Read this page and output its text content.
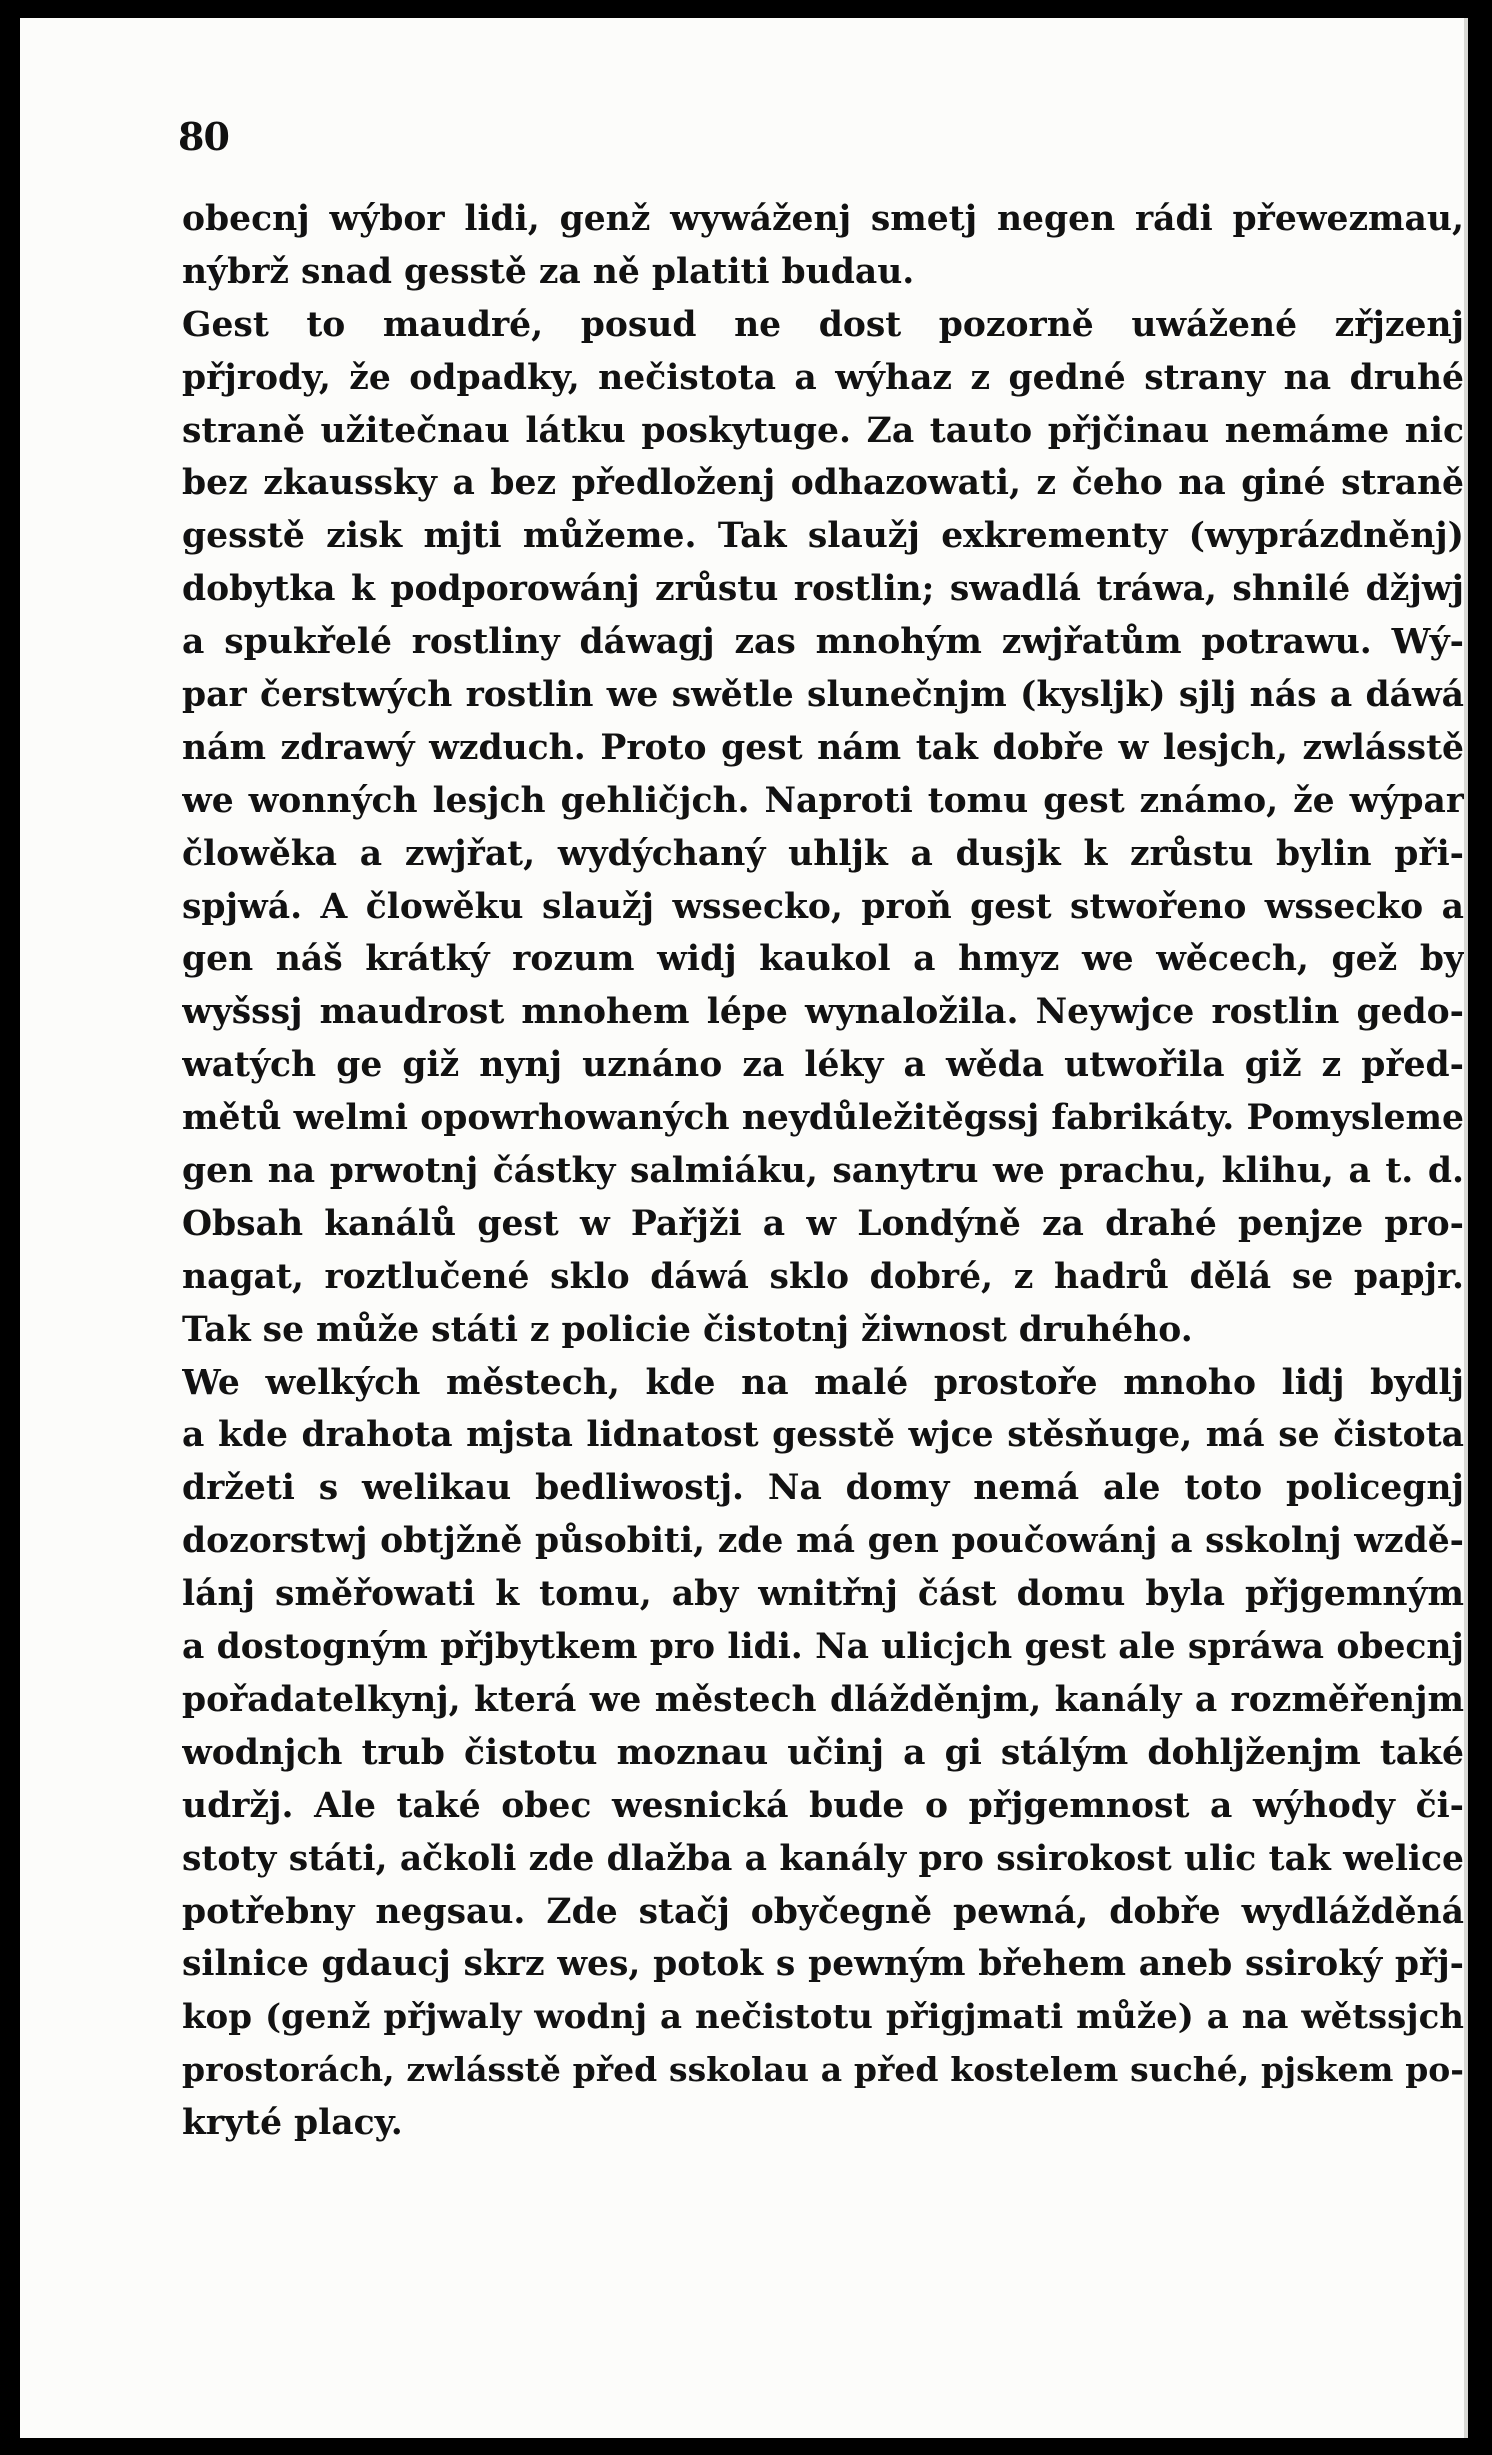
80
obecnj wýbor lidi, genž wywáženj smetj negen rádi přewezmau,
nýbrž snad gesstě za ně platiti budau.
Gest to maudré, posud ne dost pozorně uwážené zřjzenj
přjrody, že odpadky, nečistota a wýhaz z gedné strany na druhé
straně užitečnau látku poskytuge. Za tauto přjčinau nemáme nic
bez zkaussky a bez předloženj odhazowati, z čeho na giné straně
gesstě zisk mjti můžeme. Tak slaužj exkrementy (wyprázdněnj)
dobytka k podporowánj zrůstu rostlin; swadlá tráwa, shnilé džjwj
a spukřelé rostliny dáwagj zas mnohým zwjřatům potrawu. Wý-
par čerstwých rostlin we swětle slunečnjm (kysljk) sjlj nás a dáwá
nám zdrawý wzduch. Proto gest nám tak dobře w lesjch, zwlásstě
we wonných lesjch gehličjch. Naproti tomu gest známo, že wýpar
člowěka a zwjřat, wydýchaný uhljk a dusjk k zrůstu bylin při-
spjwá. A člowěku slaužj wssecko, proň gest stwořeno wssecko a
gen náš krátký rozum widj kaukol a hmyz we wěcech, gež by
wyšssj maudrost mnohem lépe wynaložila. Neywjce rostlin gedo-
watých ge giž nynj uznáno za léky a wěda utwořila giž z před-
mětů welmi opowrhowaných neydůležitěgssj fabrikáty. Pomysleme
gen na prwotnj částky salmiáku, sanytru we prachu, klihu, a t. d.
Obsah kanálů gest w Pařjži a w Londýně za drahé penjze pro-
nagat, roztlučené sklo dáwá sklo dobré, z hadrů dělá se papjr.
Tak se může státi z policie čistotnj žiwnost druhého.
We welkých městech, kde na malé prostoře mnoho lidj bydlj
a kde drahota mjsta lidnatost gesstě wjce stěsňuge, má se čistota
držeti s welikau bedliwostj. Na domy nemá ale toto policegnj
dozorstwj obtjžně působiti, zde má gen poučowánj a sskolnj wzdě-
lánj směřowati k tomu, aby wnitřnj část domu byla přjgemným
a dostogným přjbytkem pro lidi. Na ulicjch gest ale spráwa obecnj
pořadatelkynj, která we městech dlážděnjm, kanály a rozměřenjm
wodnjch trub čistotu moznau učinj a gi stálým dohljženjm také
udržj. Ale také obec wesnická bude o přjgemnost a wýhody či-
stoty státi, ačkoli zde dlažba a kanály pro ssirokost ulic tak welice
potřebny negsau. Zde stačj obyčegně pewná, dobře wydlážděná
silnice gdaucj skrz wes, potok s pewným břehem aneb ssiroký přj-
kop (genž přjwaly wodnj a nečistotu přigjmati může) a na wětssjch
prostorách, zwlásstě před sskolau a před kostelem suché, pjskem po-
kryté placy.
